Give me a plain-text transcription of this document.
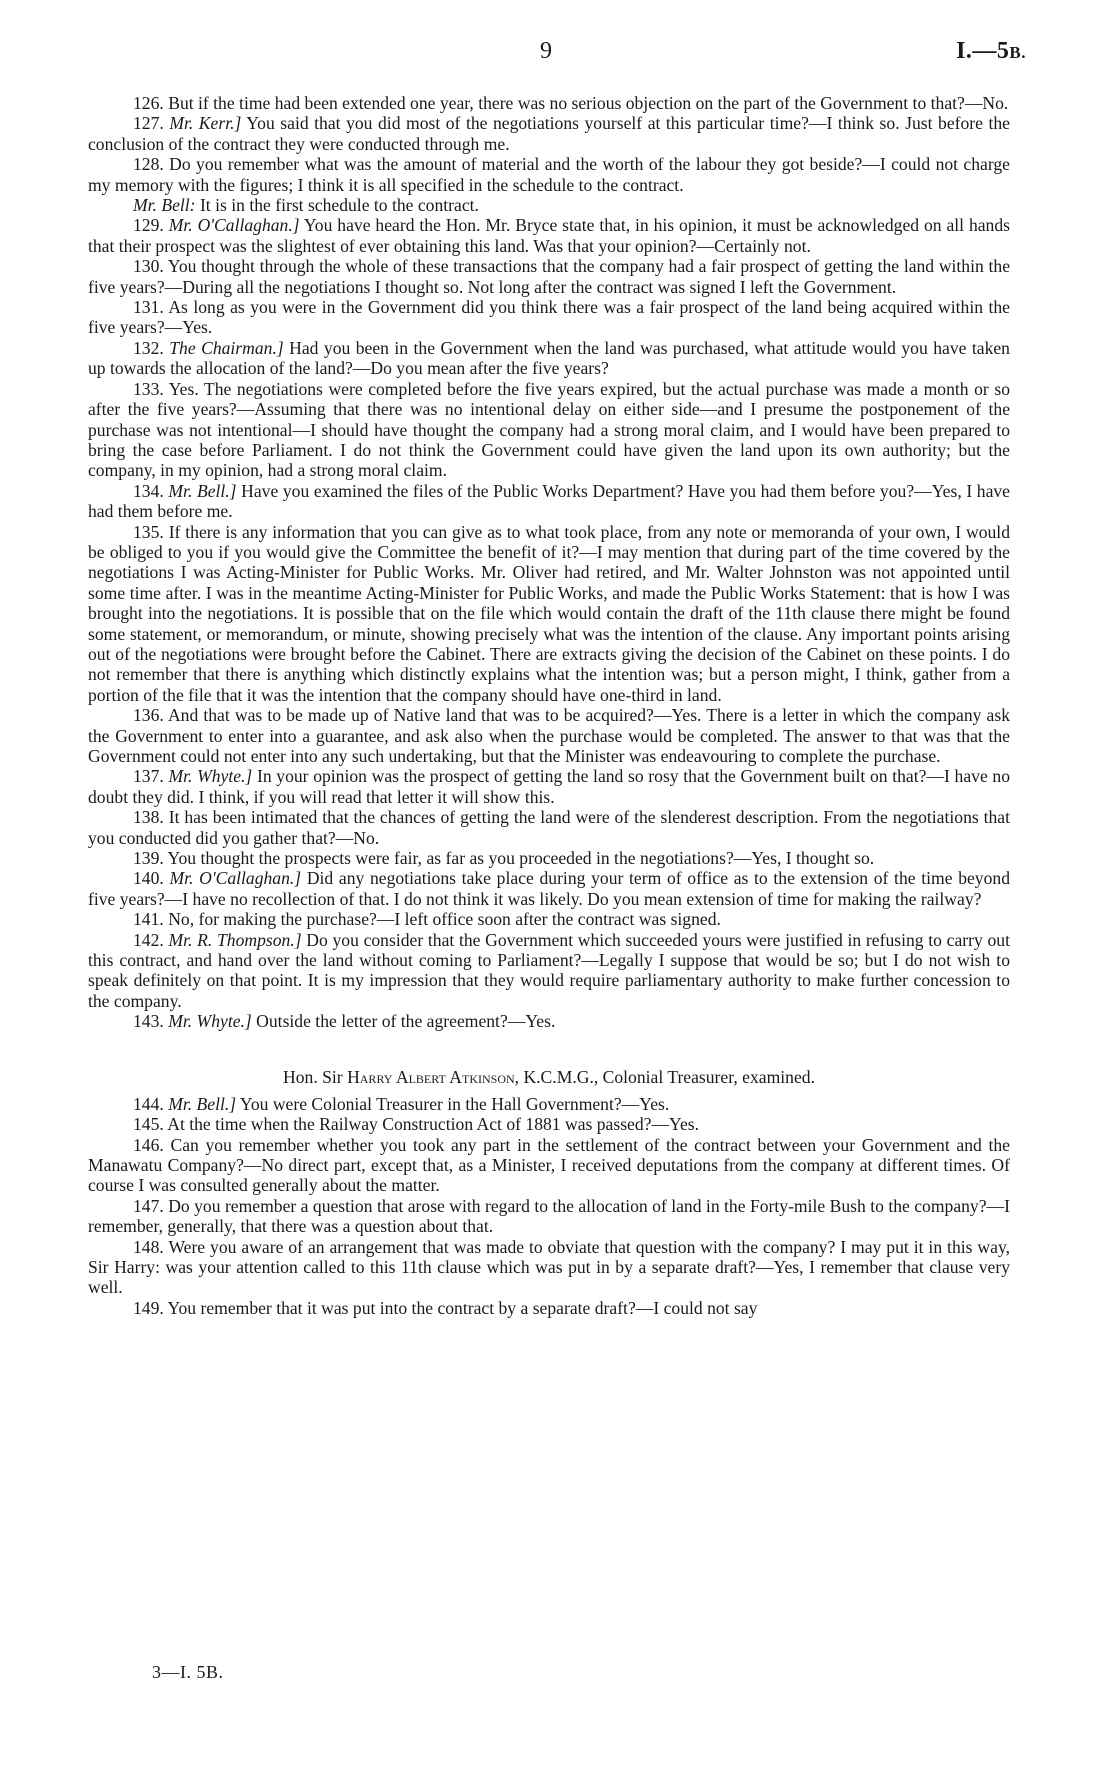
9	I.—5B.

126. But if the time had been extended one year, there was no serious objection on the part of the Government to that?—No.

127. Mr. Kerr.] You said that you did most of the negotiations yourself at this particular time?—I think so. Just before the conclusion of the contract they were conducted through me.

128. Do you remember what was the amount of material and the worth of the labour they got beside?—I could not charge my memory with the figures; I think it is all specified in the schedule to the contract.

Mr. Bell: It is in the first schedule to the contract.

129. Mr. O'Callaghan.] You have heard the Hon. Mr. Bryce state that, in his opinion, it must be acknowledged on all hands that their prospect was the slightest of ever obtaining this land. Was that your opinion?—Certainly not.

130. You thought through the whole of these transactions that the company had a fair prospect of getting the land within the five years?—During all the negotiations I thought so. Not long after the contract was signed I left the Government.

131. As long as you were in the Government did you think there was a fair prospect of the land being acquired within the five years?—Yes.

132. The Chairman.] Had you been in the Government when the land was purchased, what attitude would you have taken up towards the allocation of the land?—Do you mean after the five years?

133. Yes. The negotiations were completed before the five years expired, but the actual purchase was made a month or so after the five years?—Assuming that there was no intentional delay on either side—and I presume the postponement of the purchase was not intentional—I should have thought the company had a strong moral claim, and I would have been prepared to bring the case before Parliament. I do not think the Government could have given the land upon its own authority; but the company, in my opinion, had a strong moral claim.

134. Mr. Bell.] Have you examined the files of the Public Works Department? Have you had them before you?—Yes, I have had them before me.

135. If there is any information that you can give as to what took place, from any note or memoranda of your own, I would be obliged to you if you would give the Committee the benefit of it?—I may mention that during part of the time covered by the negotiations I was Acting-Minister for Public Works. Mr. Oliver had retired, and Mr. Walter Johnston was not appointed until some time after. I was in the meantime Acting-Minister for Public Works, and made the Public Works Statement: that is how I was brought into the negotiations. It is possible that on the file which would contain the draft of the 11th clause there might be found some statement, or memorandum, or minute, showing precisely what was the intention of the clause. Any important points arising out of the negotiations were brought before the Cabinet. There are extracts giving the decision of the Cabinet on these points. I do not remember that there is anything which distinctly explains what the intention was; but a person might, I think, gather from a portion of the file that it was the intention that the company should have one-third in land.

136. And that was to be made up of Native land that was to be acquired?—Yes. There is a letter in which the company ask the Government to enter into a guarantee, and ask also when the purchase would be completed. The answer to that was that the Government could not enter into any such undertaking, but that the Minister was endeavouring to complete the purchase.

137. Mr. Whyte.] In your opinion was the prospect of getting the land so rosy that the Government built on that?—I have no doubt they did. I think, if you will read that letter it will show this.

138. It has been intimated that the chances of getting the land were of the slenderest description. From the negotiations that you conducted did you gather that?—No.

139. You thought the prospects were fair, as far as you proceeded in the negotiations?—Yes, I thought so.

140. Mr. O'Callaghan.] Did any negotiations take place during your term of office as to the extension of the time beyond five years?—I have no recollection of that. I do not think it was likely. Do you mean extension of time for making the railway?

141. No, for making the purchase?—I left office soon after the contract was signed.

142. Mr. R. Thompson.] Do you consider that the Government which succeeded yours were justified in refusing to carry out this contract, and hand over the land without coming to Parliament?—Legally I suppose that would be so; but I do not wish to speak definitely on that point. It is my impression that they would require parliamentary authority to make further concession to the company.

143. Mr. Whyte.] Outside the letter of the agreement?—Yes.

Hon. Sir Harry Albert Atkinson, K.C.M.G., Colonial Treasurer, examined.

144. Mr. Bell.] You were Colonial Treasurer in the Hall Government?—Yes.

145. At the time when the Railway Construction Act of 1881 was passed?—Yes.

146. Can you remember whether you took any part in the settlement of the contract between your Government and the Manawatu Company?—No direct part, except that, as a Minister, I received deputations from the company at different times. Of course I was consulted generally about the matter.

147. Do you remember a question that arose with regard to the allocation of land in the Forty-mile Bush to the company?—I remember, generally, that there was a question about that.

148. Were you aware of an arrangement that was made to obviate that question with the company? I may put it in this way, Sir Harry: was your attention called to this 11th clause which was put in by a separate draft?—Yes, I remember that clause very well.

149. You remember that it was put into the contract by a separate draft?—I could not say

3—I. 5B.
